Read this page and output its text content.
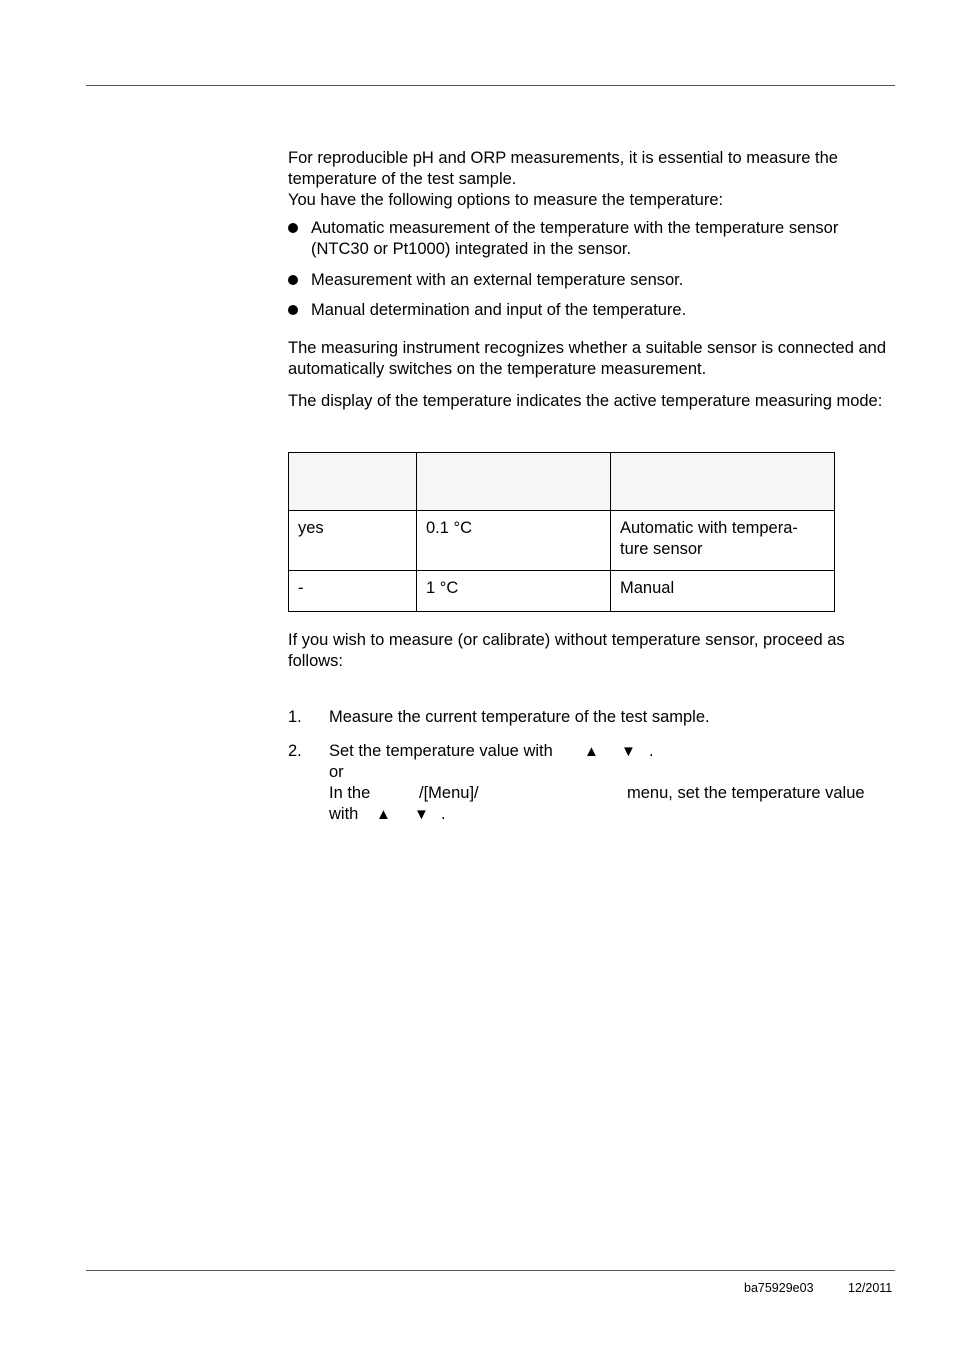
For reproducible pH and ORP measurements, it is essential to measure the temperature of the test sample.

You have the following options to measure the temperature:

Automatic measurement of the temperature with the temperature sensor (NTC30 or Pt1000) integrated in the sensor.
Measurement with an external temperature sensor.
Manual determination and input of the temperature.

The measuring instrument recognizes whether a suitable sensor is connected and automatically switches on the temperature measurement.

The display of the temperature indicates the active temperature measuring mode:

yes	0.1 °C	Automatic with tempera-ture sensor
-	1 °C	Manual

If you wish to measure (or calibrate) without temperature sensor, proceed as follows:

1. Measure the current temperature of the test sample.
2. Set the temperature value with ▲ ▼ .
or
In the	/[Menu]/	menu, set the temperature value
with ▲ ▼ .
ba75929e03	12/2011
